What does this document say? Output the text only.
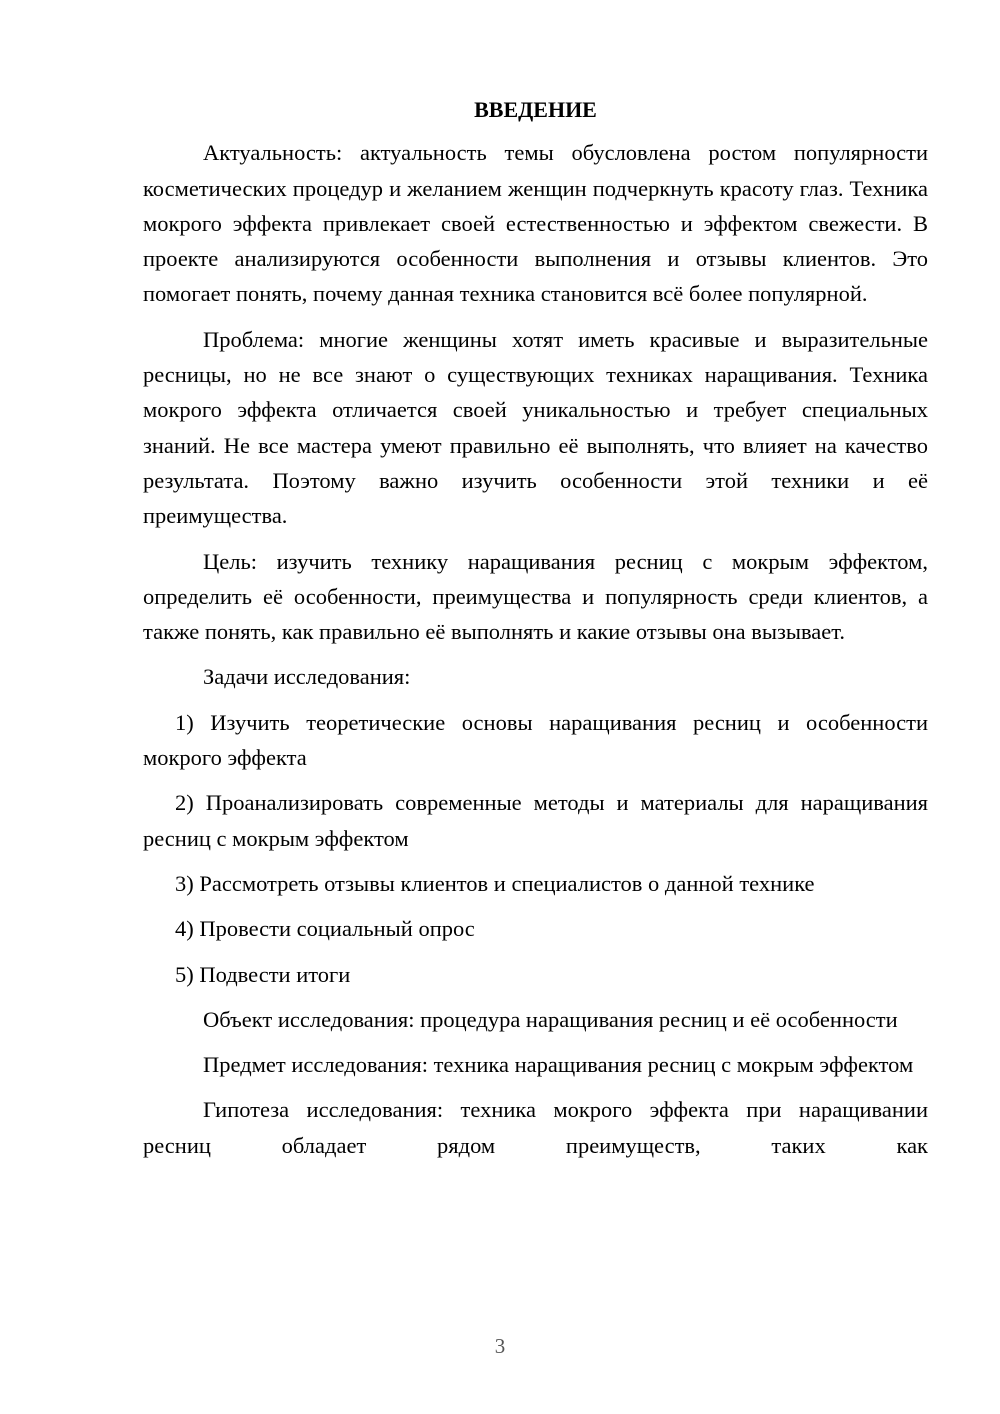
ВВЕДЕНИЕ

Актуальность: актуальность темы обусловлена ростом популярности косметических процедур и желанием женщин подчеркнуть красоту глаз. Техника мокрого эффекта привлекает своей естественностью и эффектом свежести. В проекте анализируются особенности выполнения и отзывы клиентов. Это помогает понять, почему данная техника становится всё более популярной.

Проблема: многие женщины хотят иметь красивые и выразительные ресницы, но не все знают о существующих техниках наращивания. Техника мокрого эффекта отличается своей уникальностью и требует специальных знаний. Не все мастера умеют правильно её выполнять, что влияет на качество результата. Поэтому важно изучить особенности этой техники и её преимущества.

Цель: изучить технику наращивания ресниц с мокрым эффектом, определить её особенности, преимущества и популярность среди клиентов, а также понять, как правильно её выполнять и какие отзывы она вызывает.

Задачи исследования:

1) Изучить теоретические основы наращивания ресниц и особенности мокрого эффекта

2) Проанализировать современные методы и материалы для наращивания ресниц с мокрым эффектом

3) Рассмотреть отзывы клиентов и специалистов о данной технике

4) Провести социальный опрос

5) Подвести итоги

Объект исследования: процедура наращивания ресниц и её особенности

Предмет исследования: техника наращивания ресниц с мокрым эффектом

Гипотеза исследования: техника мокрого эффекта при наращивании ресниц обладает рядом преимуществ, таких как

3
